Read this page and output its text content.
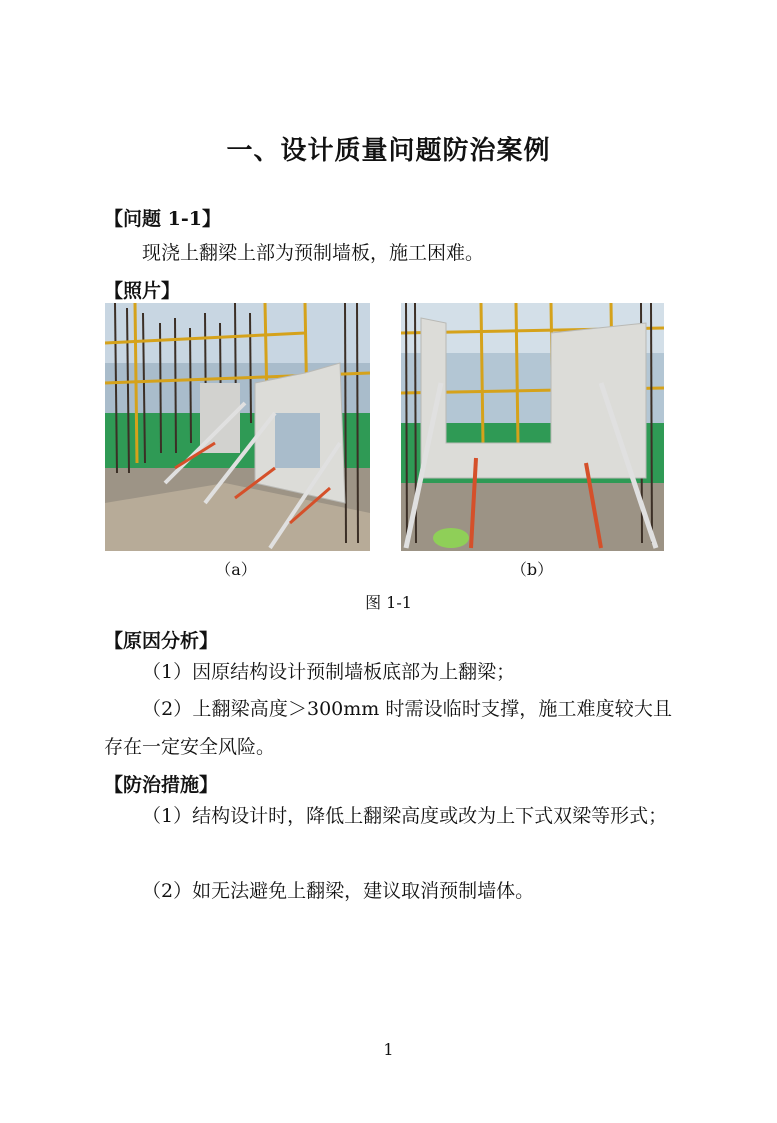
一、设计质量问题防治案例
【问题 1-1】
现浇上翻梁上部为预制墙板，施工困难。
【照片】
（a）	（b）
图 1-1
【原因分析】
（1）因原结构设计预制墙板底部为上翻梁；
（2）上翻梁高度＞300mm 时需设临时支撑，施工难度较大且存在一定安全风险。
【防治措施】
（1）结构设计时，降低上翻梁高度或改为上下式双梁等形式；
（2）如无法避免上翻梁，建议取消预制墙体。
1
